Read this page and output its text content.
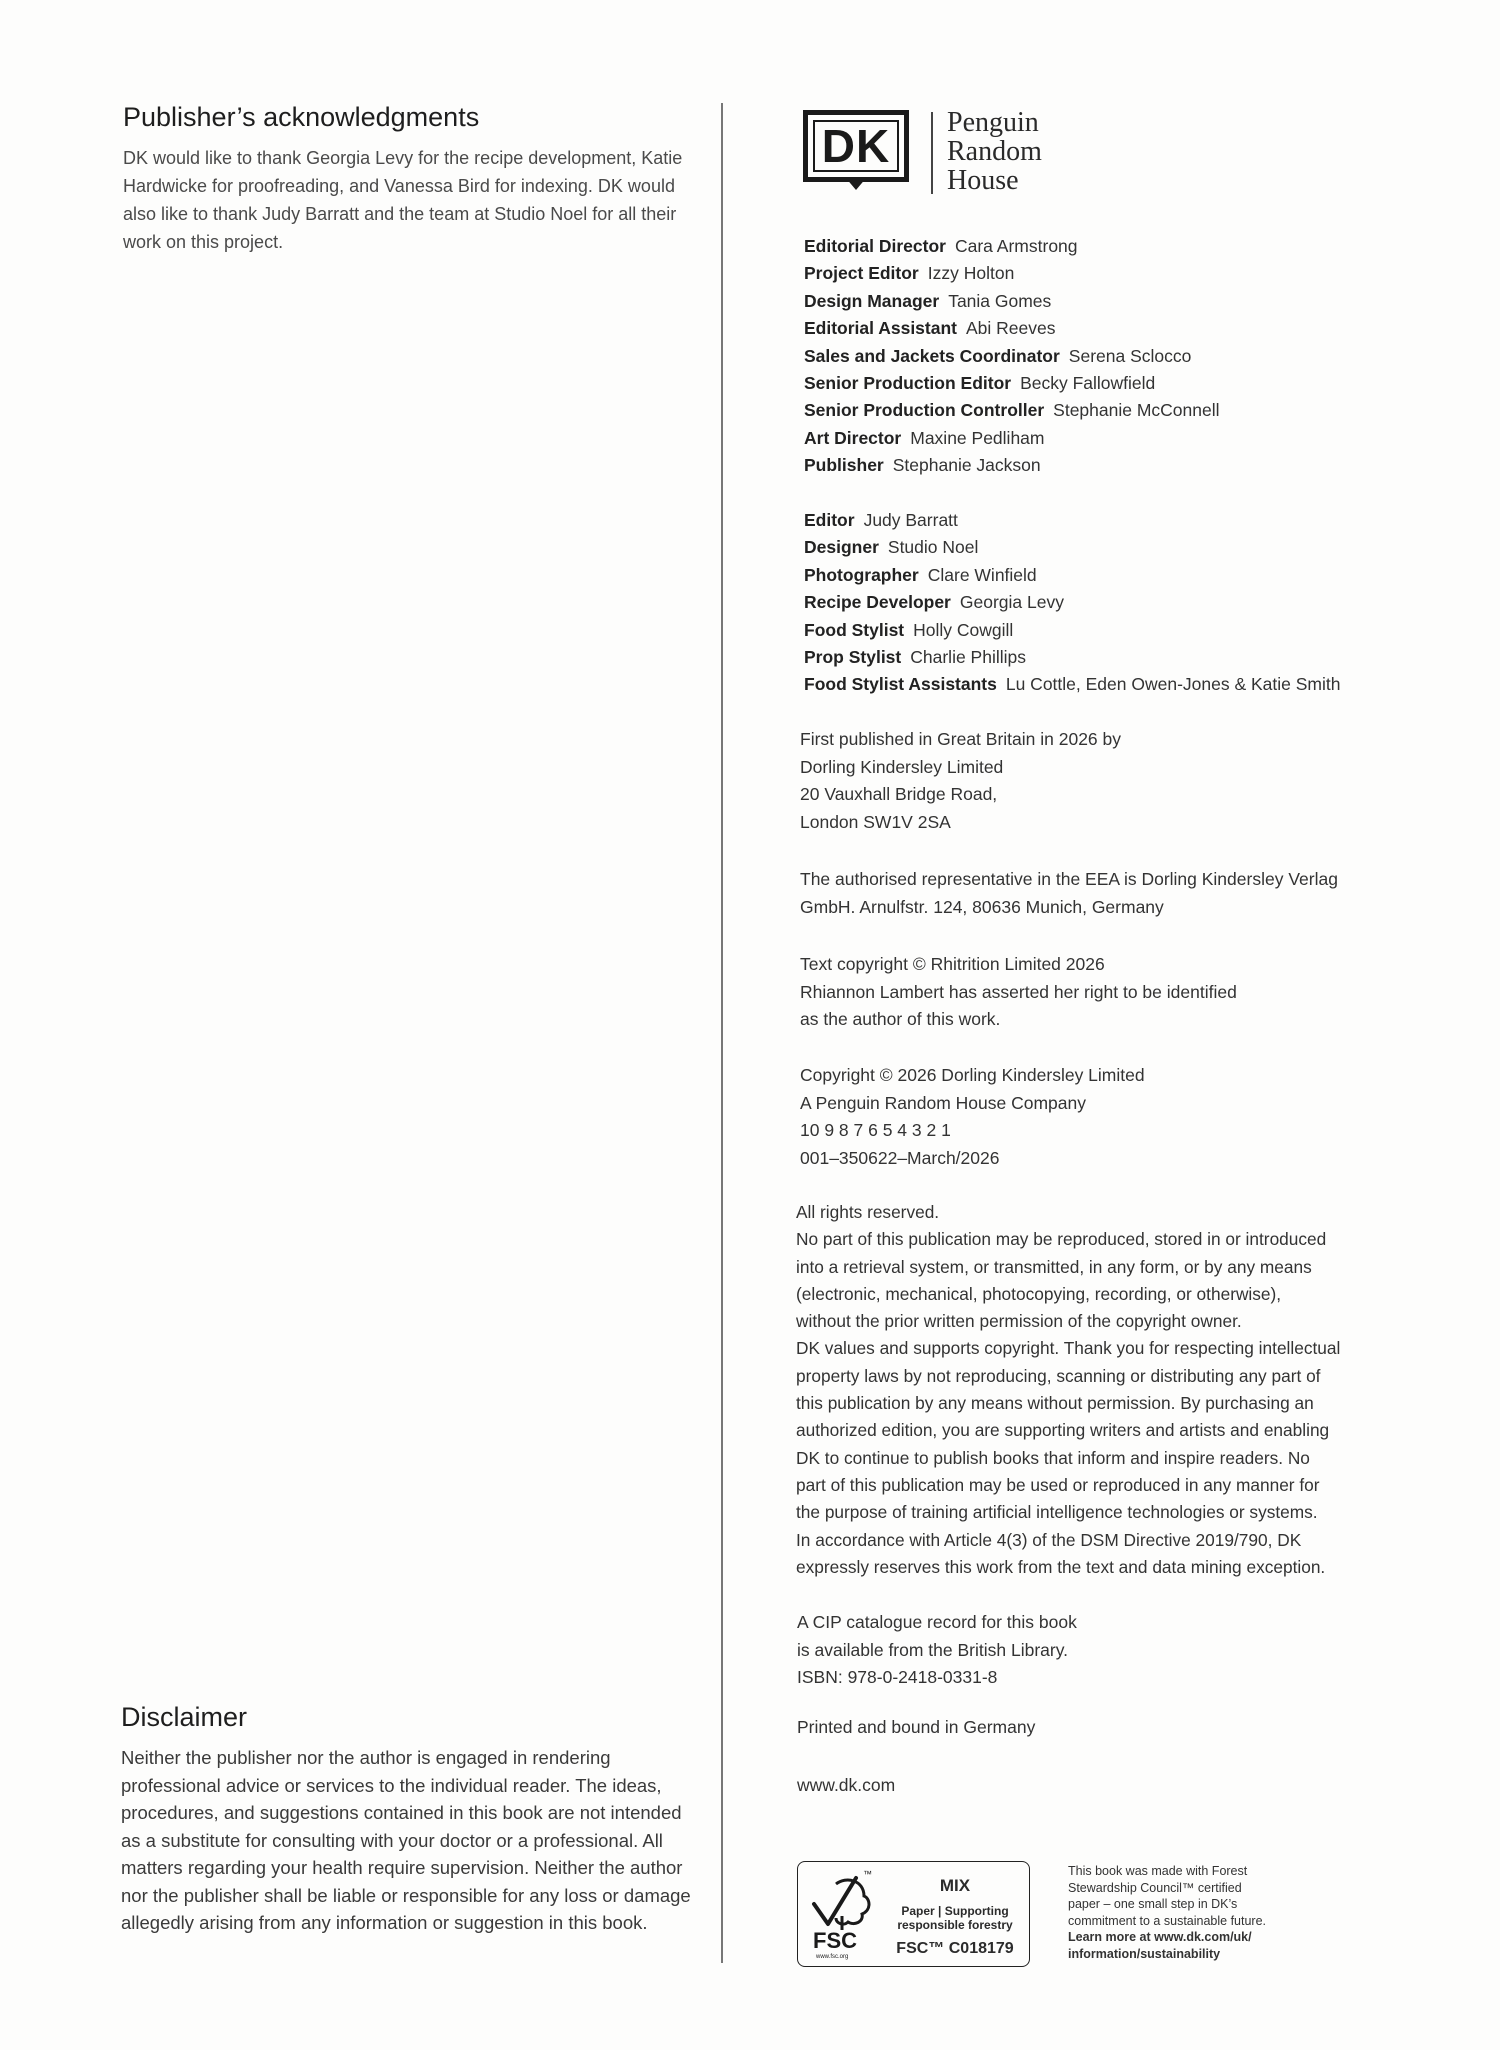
Publisher’s acknowledgments
DK would like to thank Georgia Levy for the recipe development, Katie Hardwicke for proofreading, and Vanessa Bird for indexing. DK would also like to thank Judy Barratt and the team at Studio Noel for all their work on this project.
Disclaimer
Neither the publisher nor the author is engaged in rendering professional advice or services to the individual reader. The ideas, procedures, and suggestions contained in this book are not intended as a substitute for consulting with your doctor or a professional. All matters regarding your health require supervision. Neither the author nor the publisher shall be liable or responsible for any loss or damage allegedly arising from any information or suggestion in this book.
DK	Penguin
Random
House
Editorial Director Cara Armstrong
Project Editor Izzy Holton
Design Manager Tania Gomes
Editorial Assistant Abi Reeves
Sales and Jackets Coordinator Serena Sclocco
Senior Production Editor Becky Fallowfield
Senior Production Controller Stephanie McConnell
Art Director Maxine Pedliham
Publisher Stephanie Jackson
Editor Judy Barratt
Designer Studio Noel
Photographer Clare Winfield
Recipe Developer Georgia Levy
Food Stylist Holly Cowgill
Prop Stylist Charlie Phillips
Food Stylist Assistants Lu Cottle, Eden Owen-Jones & Katie Smith
First published in Great Britain in 2026 by
Dorling Kindersley Limited
20 Vauxhall Bridge Road,
London SW1V 2SA
The authorised representative in the EEA is Dorling Kindersley Verlag
GmbH. Arnulfstr. 124, 80636 Munich, Germany
Text copyright © Rhitrition Limited 2026
Rhiannon Lambert has asserted her right to be identified
as the author of this work.
Copyright © 2026 Dorling Kindersley Limited
A Penguin Random House Company
10 9 8 7 6 5 4 3 2 1
001–350622–March/2026
All rights reserved.
No part of this publication may be reproduced, stored in or introduced
into a retrieval system, or transmitted, in any form, or by any means
(electronic, mechanical, photocopying, recording, or otherwise),
without the prior written permission of the copyright owner.
DK values and supports copyright. Thank you for respecting intellectual
property laws by not reproducing, scanning or distributing any part of
this publication by any means without permission. By purchasing an
authorized edition, you are supporting writers and artists and enabling
DK to continue to publish books that inform and inspire readers. No
part of this publication may be used or reproduced in any manner for
the purpose of training artificial intelligence technologies or systems.
In accordance with Article 4(3) of the DSM Directive 2019/790, DK
expressly reserves this work from the text and data mining exception.
A CIP catalogue record for this book
is available from the British Library.
ISBN: 978-0-2418-0331-8
Printed and bound in Germany
www.dk.com
™
FSC
www.fsc.org
MIX
Paper | Supporting
responsible forestry
FSC™ C018179
This book was made with Forest
Stewardship Council™ certified
paper – one small step in DK’s
commitment to a sustainable future.
Learn more at www.dk.com/uk/
information/sustainability
